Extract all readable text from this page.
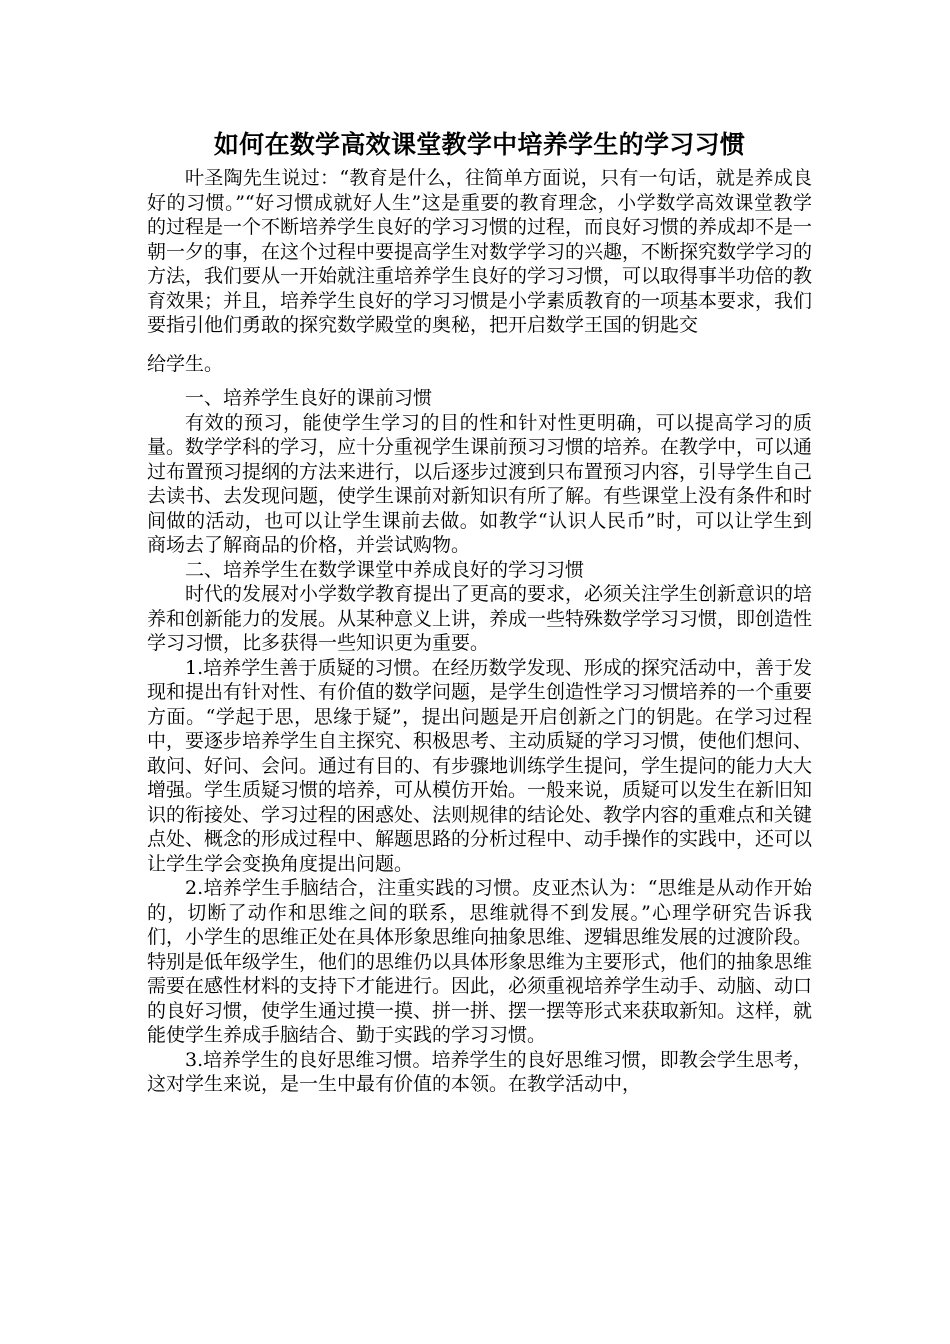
如何在数学高效课堂教学中培养学生的学习习惯

叶圣陶先生说过：“教育是什么，往简单方面说，只有一句话，就是养成良好的习惯。”“好习惯成就好人生”这是重要的教育理念，小学数学高效课堂教学的过程是一个不断培养学生良好的学习习惯的过程，而良好习惯的养成却不是一朝一夕的事，在这个过程中要提高学生对数学学习的兴趣，不断探究数学学习的方法，我们要从一开始就注重培养学生良好的学习习惯，可以取得事半功倍的教育效果；并且，培养学生良好的学习习惯是小学素质教育的一项基本要求，我们要指引他们勇敢的探究数学殿堂的奥秘，把开启数学王国的钥匙交

给学生。

一、培养学生良好的课前习惯

有效的预习，能使学生学习的目的性和针对性更明确，可以提高学习的质量。数学学科的学习，应十分重视学生课前预习习惯的培养。在教学中，可以通过布置预习提纲的方法来进行，以后逐步过渡到只布置预习内容，引导学生自己去读书、去发现问题，使学生课前对新知识有所了解。有些课堂上没有条件和时间做的活动，也可以让学生课前去做。如教学“认识人民币”时，可以让学生到商场去了解商品的价格，并尝试购物。

二、培养学生在数学课堂中养成良好的学习习惯

时代的发展对小学数学教育提出了更高的要求，必须关注学生创新意识的培养和创新能力的发展。从某种意义上讲，养成一些特殊数学学习习惯，即创造性学习习惯，比多获得一些知识更为重要。

1.培养学生善于质疑的习惯。在经历数学发现、形成的探究活动中，善于发现和提出有针对性、有价值的数学问题，是学生创造性学习习惯培养的一个重要方面。“学起于思，思缘于疑”，提出问题是开启创新之门的钥匙。在学习过程中，要逐步培养学生自主探究、积极思考、主动质疑的学习习惯，使他们想问、敢问、好问、会问。通过有目的、有步骤地训练学生提问，学生提问的能力大大增强。学生质疑习惯的培养，可从模仿开始。一般来说，质疑可以发生在新旧知识的衔接处、学习过程的困惑处、法则规律的结论处、教学内容的重难点和关键点处、概念的形成过程中、解题思路的分析过程中、动手操作的实践中，还可以让学生学会变换角度提出问题。

2.培养学生手脑结合，注重实践的习惯。皮亚杰认为：“思维是从动作开始的，切断了动作和思维之间的联系，思维就得不到发展。”心理学研究告诉我们，小学生的思维正处在具体形象思维向抽象思维、逻辑思维发展的过渡阶段。特别是低年级学生，他们的思维仍以具体形象思维为主要形式，他们的抽象思维需要在感性材料的支持下才能进行。因此，必须重视培养学生动手、动脑、动口的良好习惯，使学生通过摸一摸、拼一拼、摆一摆等形式来获取新知。这样，就能使学生养成手脑结合、勤于实践的学习习惯。

3.培养学生的良好思维习惯。培养学生的良好思维习惯，即教会学生思考，这对学生来说，是一生中最有价值的本领。在教学活动中，
